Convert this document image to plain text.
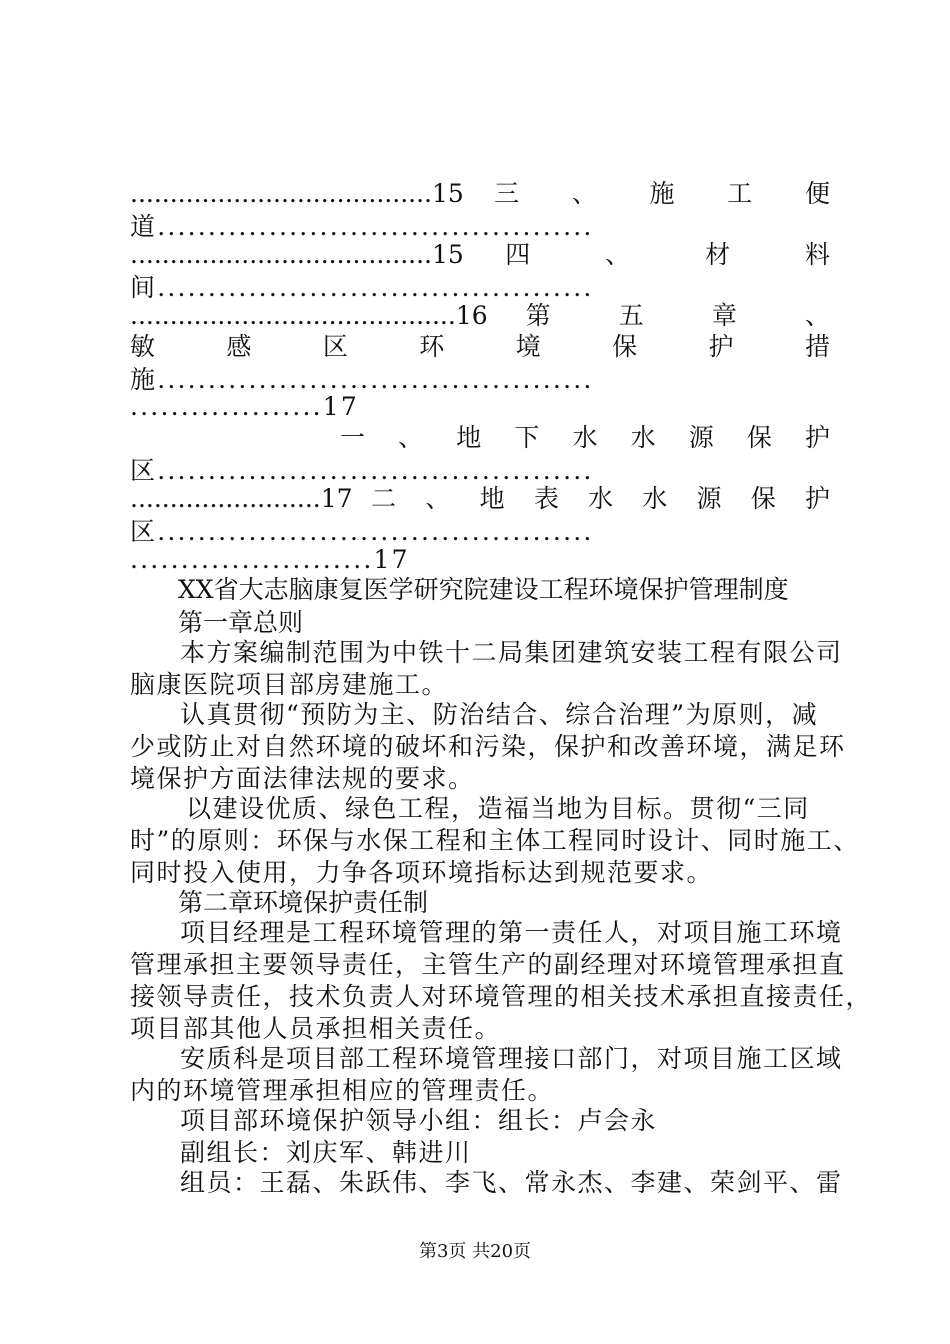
......................................15 三 、 施 工 便
道...........................................
......................................15 四 、 材 料
间...........................................
.........................................16 第 五 章 、
敏 感 区 环 境 保 护 措
施...........................................
...................17
一 、 地 下 水 水 源 保 护
区...........................................
........................17 二 、 地 表 水 水 源 保 护
区...........................................
........................17
XX省大志脑康复医学研究院建设工程环境保护管理制度
第一章总则
本方案编制范围为中铁十二局集团建筑安装工程有限公司
脑康医院项目部房建施工。
认真贯彻“预防为主、防治结合、综合治理”为原则，减
少或防止对自然环境的破坏和污染，保护和改善环境，满足环
境保护方面法律法规的要求。
以建设优质、绿色工程，造福当地为目标。贯彻“三同
时”的原则：环保与水保工程和主体工程同时设计、同时施工、
同时投入使用，力争各项环境指标达到规范要求。
第二章环境保护责任制
项目经理是工程环境管理的第一责任人，对项目施工环境
管理承担主要领导责任，主管生产的副经理对环境管理承担直
接领导责任，技术负责人对环境管理的相关技术承担直接责任，
项目部其他人员承担相关责任。
安质科是项目部工程环境管理接口部门，对项目施工区域
内的环境管理承担相应的管理责任。
项目部环境保护领导小组：组长：卢会永
副组长：刘庆军、韩进川
组员：王磊、朱跃伟、李飞、常永杰、李建、荣剑平、雷
第3页 共20页
